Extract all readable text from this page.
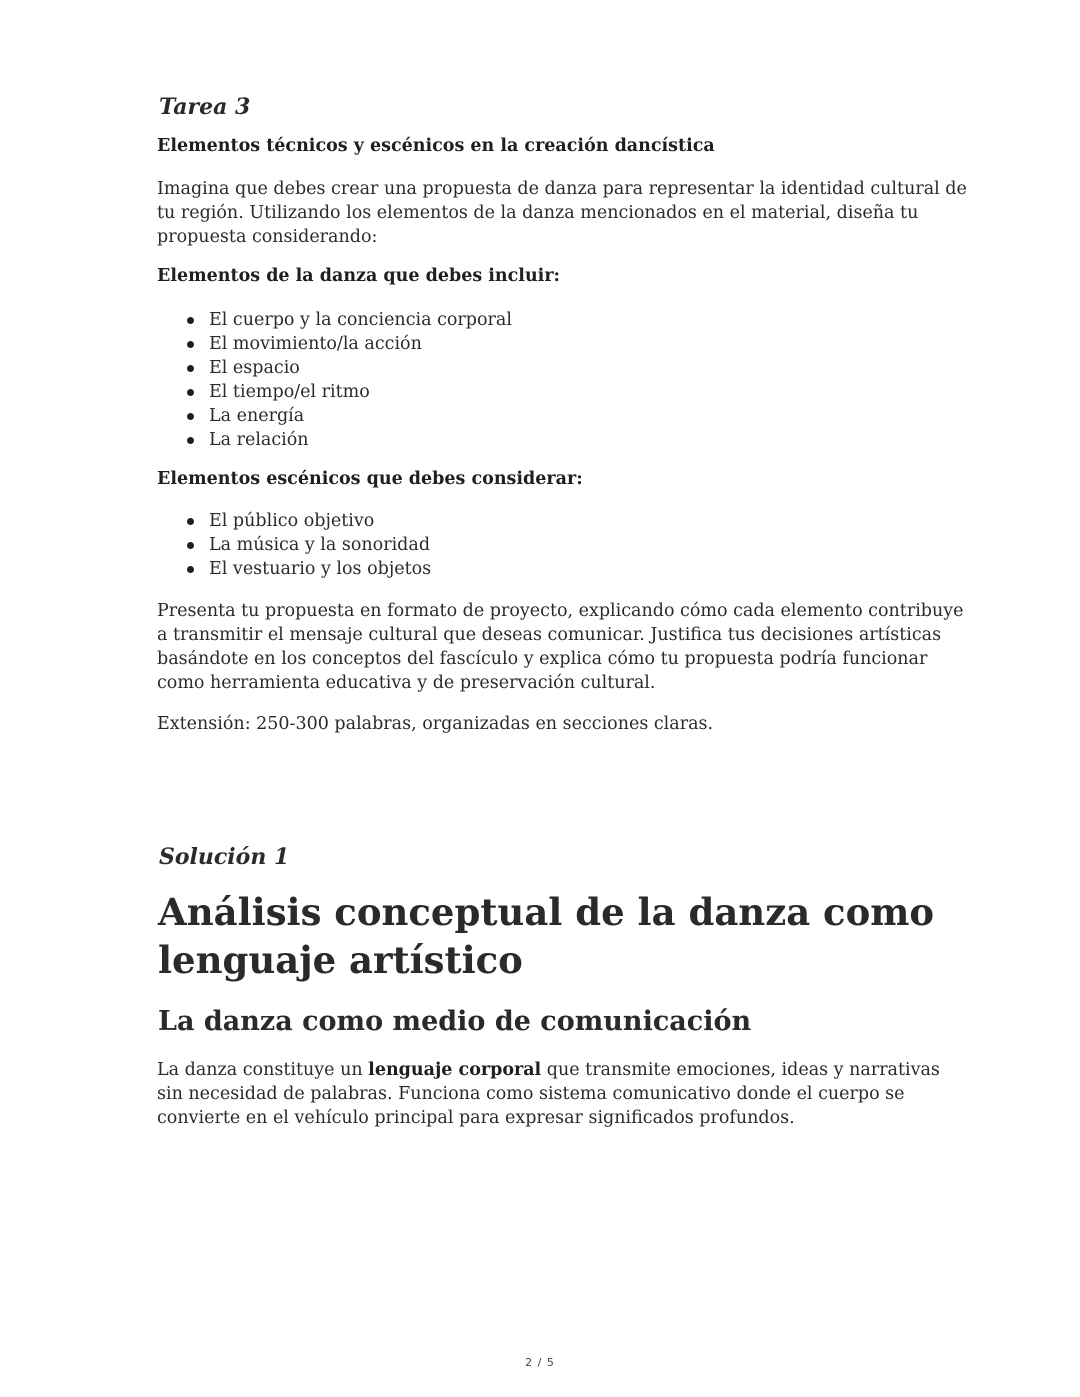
Tarea 3

Elementos técnicos y escénicos en la creación dancística

Imagina que debes crear una propuesta de danza para representar la identidad cultural de
tu región. Utilizando los elementos de la danza mencionados en el material, diseña tu
propuesta considerando:

Elementos de la danza que debes incluir:

El cuerpo y la conciencia corporal
El movimiento/la acción
El espacio
El tiempo/el ritmo
La energía
La relación

Elementos escénicos que debes considerar:

El público objetivo
La música y la sonoridad
El vestuario y los objetos
Presenta tu propuesta en formato de proyecto, explicando cómo cada elemento contribuye
a transmitir el mensaje cultural que deseas comunicar. Justifica tus decisiones artísticas
basándote en los conceptos del fascículo y explica cómo tu propuesta podría funcionar
como herramienta educativa y de preservación cultural.

Extensión: 250-300 palabras, organizadas en secciones claras.

Solución 1

Análisis conceptual de la danza como
lenguaje artístico
La danza como medio de comunicación
La danza constituye un lenguaje corporal que transmite emociones, ideas y narrativas
sin necesidad de palabras. Funciona como sistema comunicativo donde el cuerpo se
convierte en el vehículo principal para expresar significados profundos.
2 / 5
